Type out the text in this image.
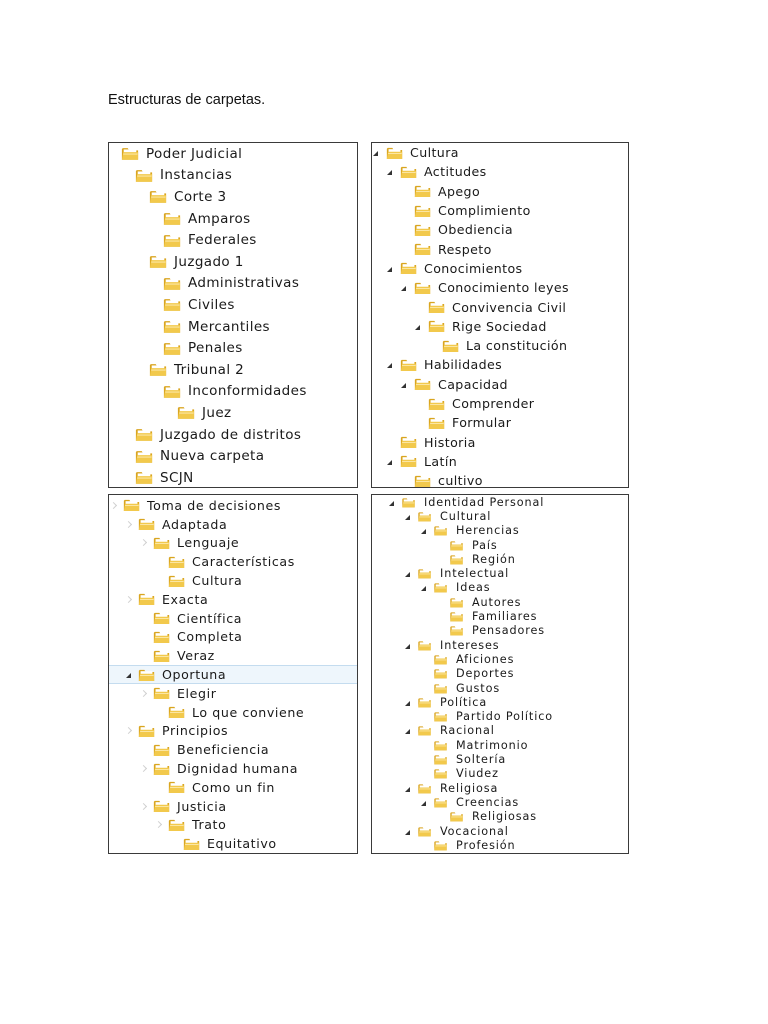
Estructuras de carpetas.
Poder Judicial
Instancias
Corte 3
Amparos
Federales
Juzgado 1
Administrativas
Civiles
Mercantiles
Penales
Tribunal 2
Inconformidades
Juez
Juzgado de distritos
Nueva carpeta
SCJN
Cultura
Actitudes
Apego
Complimiento
Obediencia
Respeto
Conocimientos
Conocimiento leyes
Convivencia Civil
Rige Sociedad
La constitución
Habilidades
Capacidad
Comprender
Formular
Historia
Latín
cultivo
Toma de decisiones
Adaptada
Lenguaje
Características
Cultura
Exacta
Científica
Completa
Veraz
Oportuna
Elegir
Lo que conviene
Principios
Beneficiencia
Dignidad humana
Como un fin
Justicia
Trato
Equitativo
Identidad Personal
Cultural
Herencias
País
Región
Intelectual
Ideas
Autores
Familiares
Pensadores
Intereses
Aficiones
Deportes
Gustos
Política
Partido Político
Racional
Matrimonio
Soltería
Viudez
Religiosa
Creencias
Religiosas
Vocacional
Profesión
